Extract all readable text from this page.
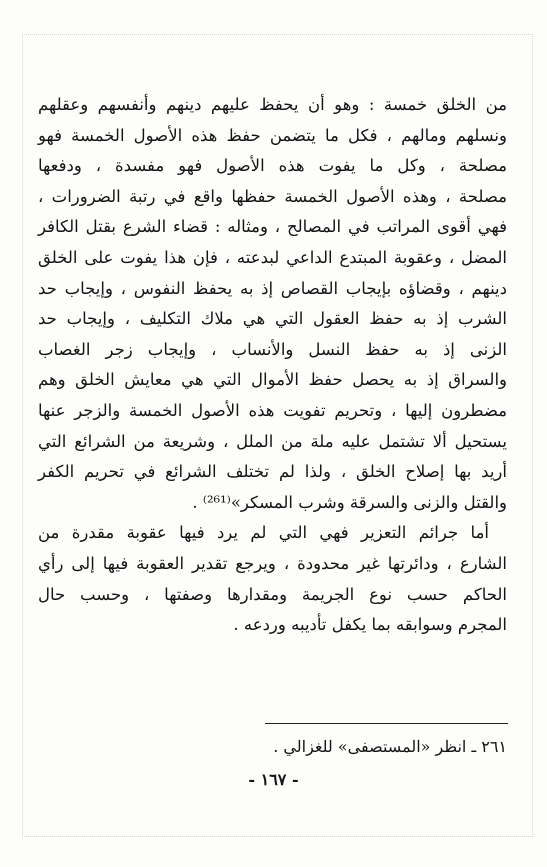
من الخلق خمسة : وهو أن يحفظ عليهم دينهم وأنفسهم وعقلهم
ونسلهم ومالهم ، فكل ما يتضمن حفظ هذه الأصول الخمسة فهو
مصلحة ، وكل ما يفوت هذه الأصول فهو مفسدة ، ودفعها
مصلحة ، وهذه الأصول الخمسة حفظها واقع في رتبة الضرورات ،
فهي أقوى المراتب في المصالح ، ومثاله : قضاء الشرع بقتل الكافر
المضل ، وعقوبة المبتدع الداعي لبدعته ، فإن هذا يفوت على الخلق
دينهم ، وقضاؤه بإيجاب القصاص إذ به يحفظ النفوس ، وإيجاب حد
الشرب إذ به حفظ العقول التي هي ملاك التكليف ، وإيجاب حد
الزنى إذ به حفظ النسل والأنساب ، وإيجاب زجر الغصاب
والسراق إذ به يحصل حفظ الأموال التي هي معايش الخلق وهم
مضطرون إليها ، وتحريم تفويت هذه الأصول الخمسة والزجر عنها
يستحيل ألا تشتمل عليه ملة من الملل ، وشريعة من الشرائع التي
أريد بها إصلاح الخلق ، ولذا لم تختلف الشرائع في تحريم الكفر
والقتل والزنى والسرقة وشرب المسكر»⁽²⁶¹⁾ .
أما جرائم التعزير فهي التي لم يرد فيها عقوبة مقدرة من
الشارع ، ودائرتها غير محدودة ، ويرجع تقدير العقوبة فيها إلى رأي
الحاكم حسب نوع الجريمة ومقدارها وصفتها ، وحسب حال
المجرم وسوابقه بما يكفل تأديبه وردعه .
٢٦١ ـ انظر «المستصفى» للغزالي .
- ١٦٧ -
